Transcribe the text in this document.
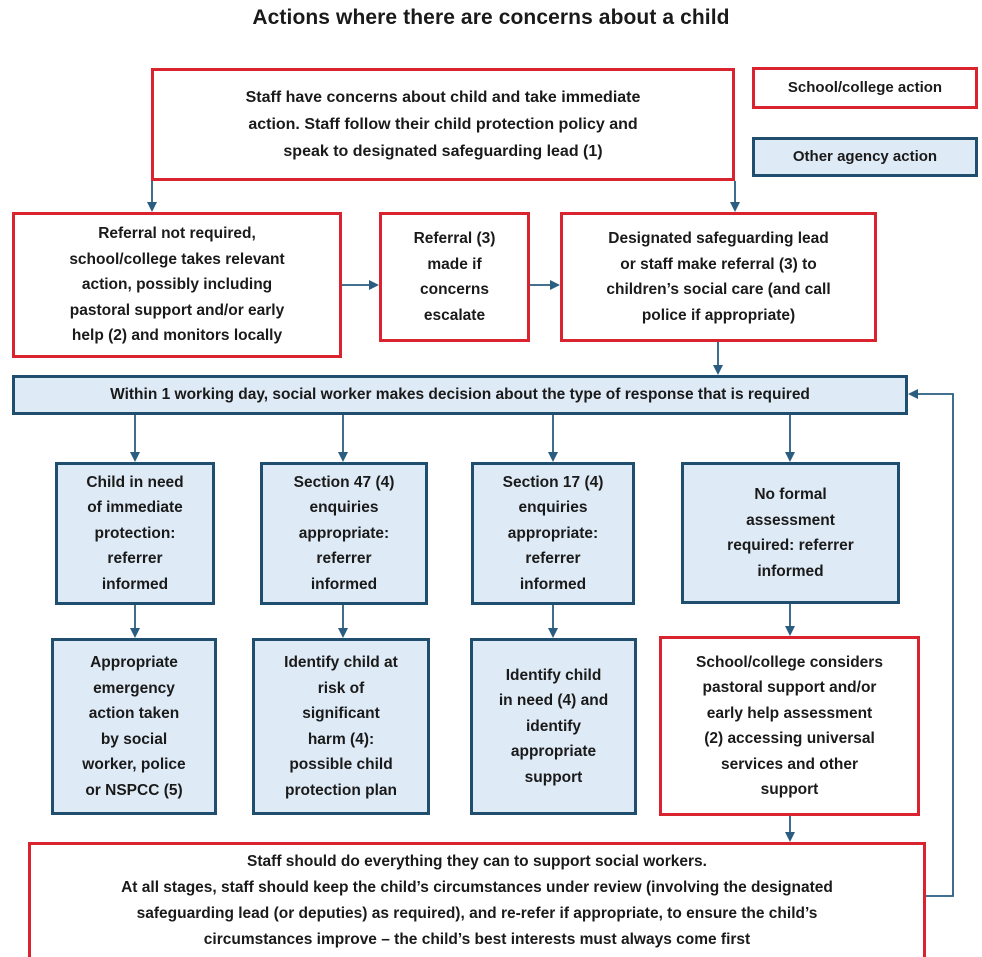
Actions where there are concerns about a child
School/college action
Other agency action
Staff have concerns about child and take immediate
action. Staff follow their child protection policy and
speak to designated safeguarding lead (1)
Referral not required,
school/college takes relevant
action, possibly including
pastoral support and/or early
help (2) and monitors locally
Referral (3)
made if
concerns
escalate
Designated safeguarding lead
or staff make referral (3) to
children’s social care (and call
police if appropriate)
Within 1 working day, social worker makes decision about the type of response that is required
Child in need
of immediate
protection:
referrer
informed
Section 47 (4)
enquiries
appropriate:
referrer
informed
Section 17 (4)
enquiries
appropriate:
referrer
informed
No formal
assessment
required: referrer
informed
Appropriate
emergency
action taken
by social
worker, police
or NSPCC (5)
Identify child at
risk of
significant
harm (4):
possible child
protection plan
Identify child
in need (4) and
identify
appropriate
support
School/college considers
pastoral support and/or
early help assessment
(2) accessing universal
services and other
support
Staff should do everything they can to support social workers.
At all stages, staff should keep the child’s circumstances under review (involving the designated
safeguarding lead (or deputies) as required), and re-refer if appropriate, to ensure the child’s
circumstances improve – the child’s best interests must always come first
